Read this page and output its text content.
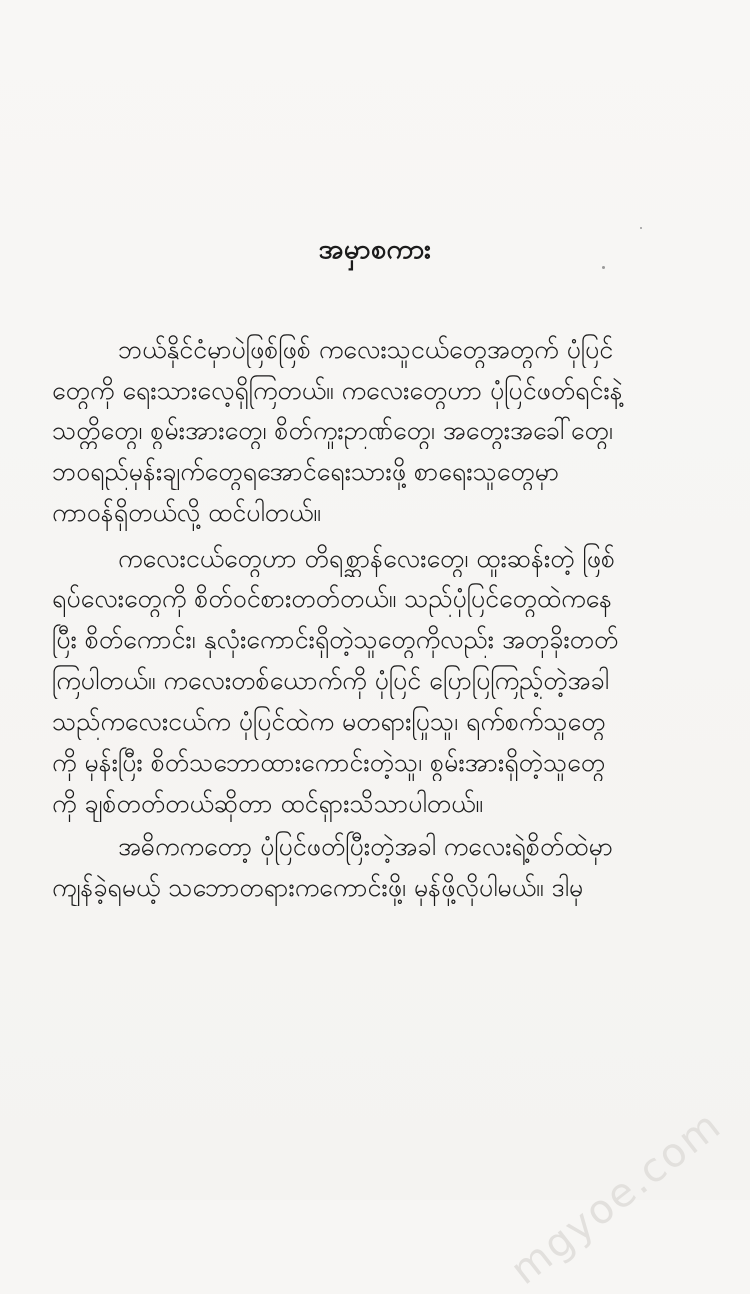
အမှာစကား
ဘယ်နိုင်ငံမှာပဲဖြစ်ဖြစ် ကလေးသူငယ်တွေအတွက် ပုံပြင်
တွေကို ရေးသားလေ့ရှိကြတယ်။ ကလေးတွေဟာ ပုံပြင်ဖတ်ရင်းနဲ့
သတ္တိတွေ၊ စွမ်းအားတွေ၊ စိတ်ကူးဉာဏ်တွေ၊ အတွေးအခေါ်တွေ၊
ဘဝရည်မှန်းချက်တွေရအောင်ရေးသားဖို့ စာရေးသူတွေမှာ
ကာဝန်ရှိတယ်လို့ ထင်ပါတယ်။
ကလေးငယ်တွေဟာ တိရစ္ဆာန်လေးတွေ၊ ထူးဆန်းတဲ့ ဖြစ်
ရပ်လေးတွေကို စိတ်ဝင်စားတတ်တယ်။ သည်ပုံပြင်တွေထဲကနေ
ပြီး စိတ်ကောင်း၊ နှလုံးကောင်းရှိတဲ့သူတွေကိုလည်း အတုခိုးတတ်
ကြပါတယ်။ ကလေးတစ်ယောက်ကို ပုံပြင် ပြောပြကြည့်တဲ့အခါ
သည်ကလေးငယ်က ပုံပြင်ထဲက မတရားပြုသူ၊ ရက်စက်သူတွေ
ကို မုန်းပြီး စိတ်သဘောထားကောင်းတဲ့သူ၊ စွမ်းအားရှိတဲ့သူတွေ
ကို ချစ်တတ်တယ်ဆိုတာ ထင်ရှားသိသာပါတယ်။
အဓိကကတော့ ပုံပြင်ဖတ်ပြီးတဲ့အခါ ကလေးရဲ့စိတ်ထဲမှာ
ကျန်ခဲ့ရမယ့် သဘောတရားကကောင်းဖို့၊ မှန်ဖို့လိုပါမယ်။ ဒါမှ
mgyoe.com
